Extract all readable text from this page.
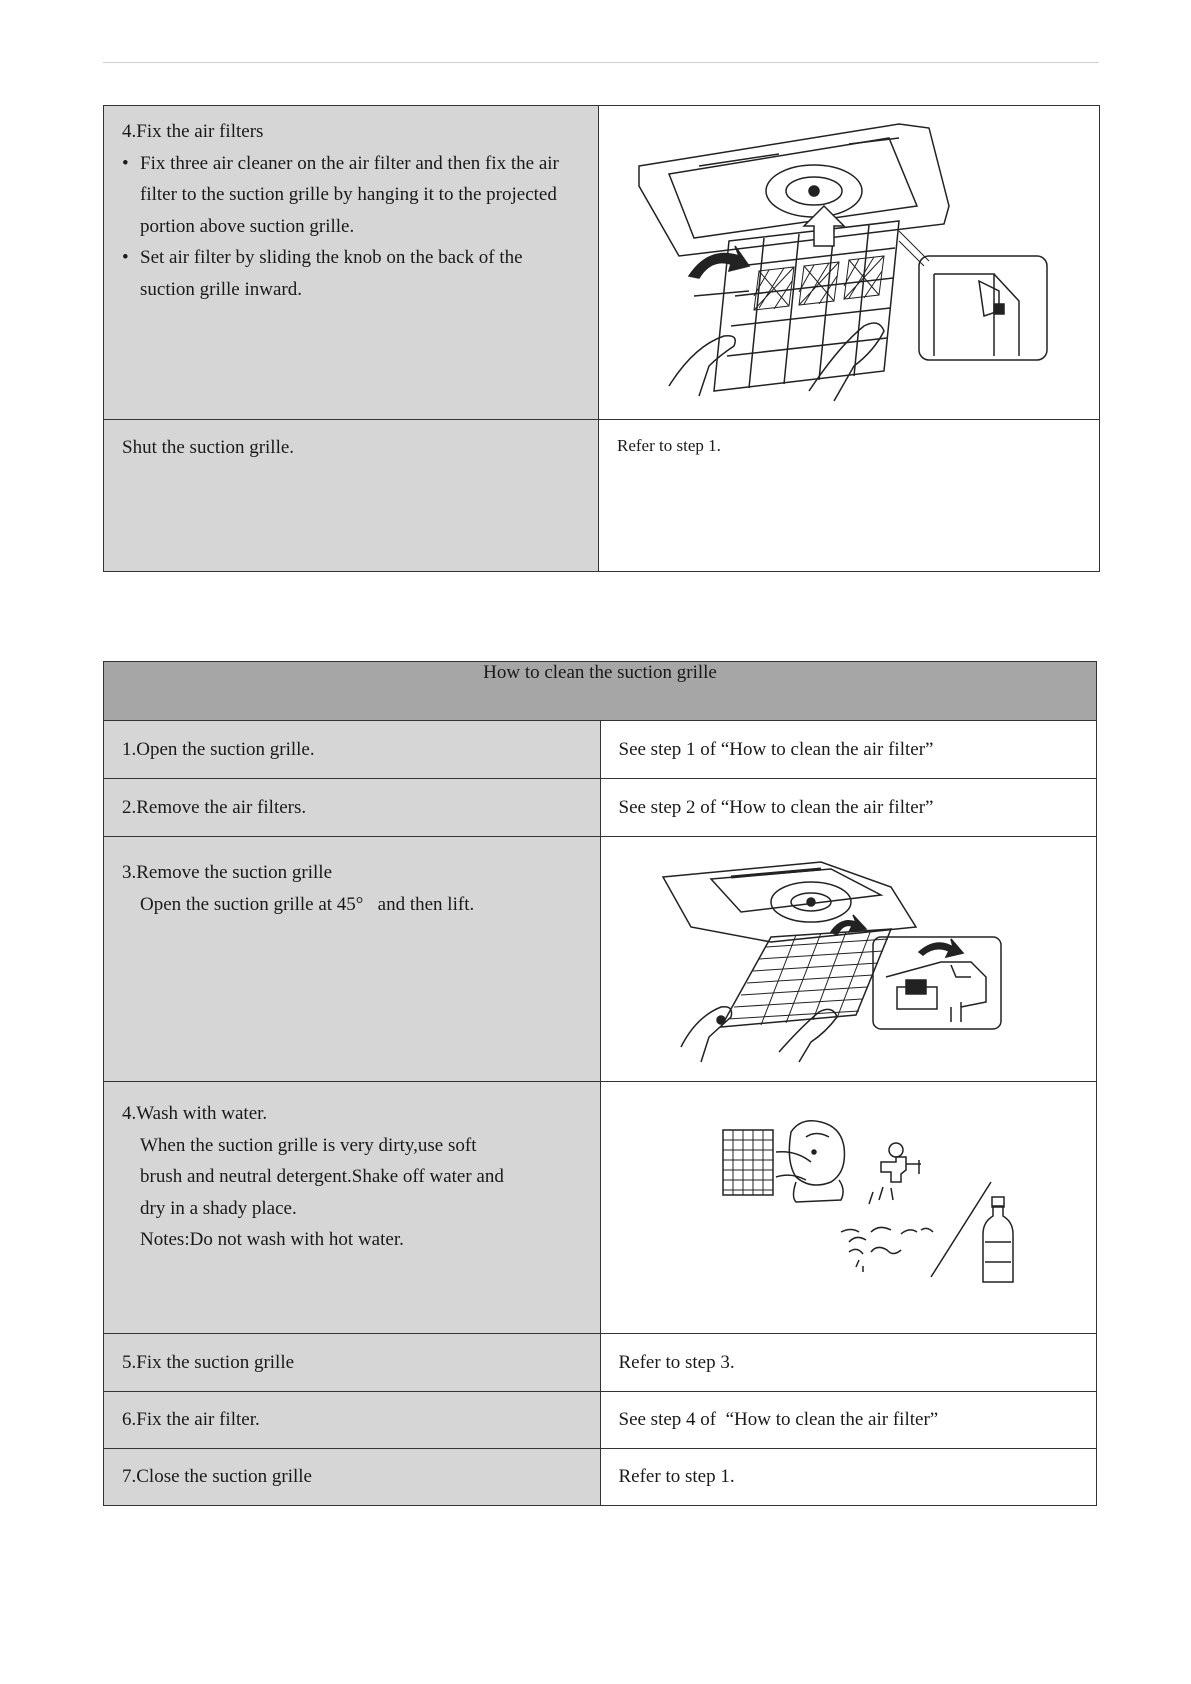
4.Fix the air filters
• Fix three air cleaner on the air filter and then fix the air filter to the suction grille by hanging it to the projected portion above suction grille.
• Set air filter by sliding the knob on the back of the suction grille inward.

Shut the suction grille.	Refer to step 1.
How to clean the suction grille	

1.Open the suction grille.	See step 1 of “How to clean the air filter”

2.Remove the air filters.	See step 2 of “How to clean the air filter”

3.Remove the suction grille
Open the suction grille at 45°  and then lift.

4.Wash with water.
When the suction grille is very dirty,use soft
brush and neutral detergent.Shake off water and
dry in a shady place.
Notes:Do not wash with hot water.

5.Fix the suction grille	Refer to step 3.

6.Fix the air filter.	See step 4 of  “How to clean the air filter”

7.Close the suction grille	Refer to step 1.
